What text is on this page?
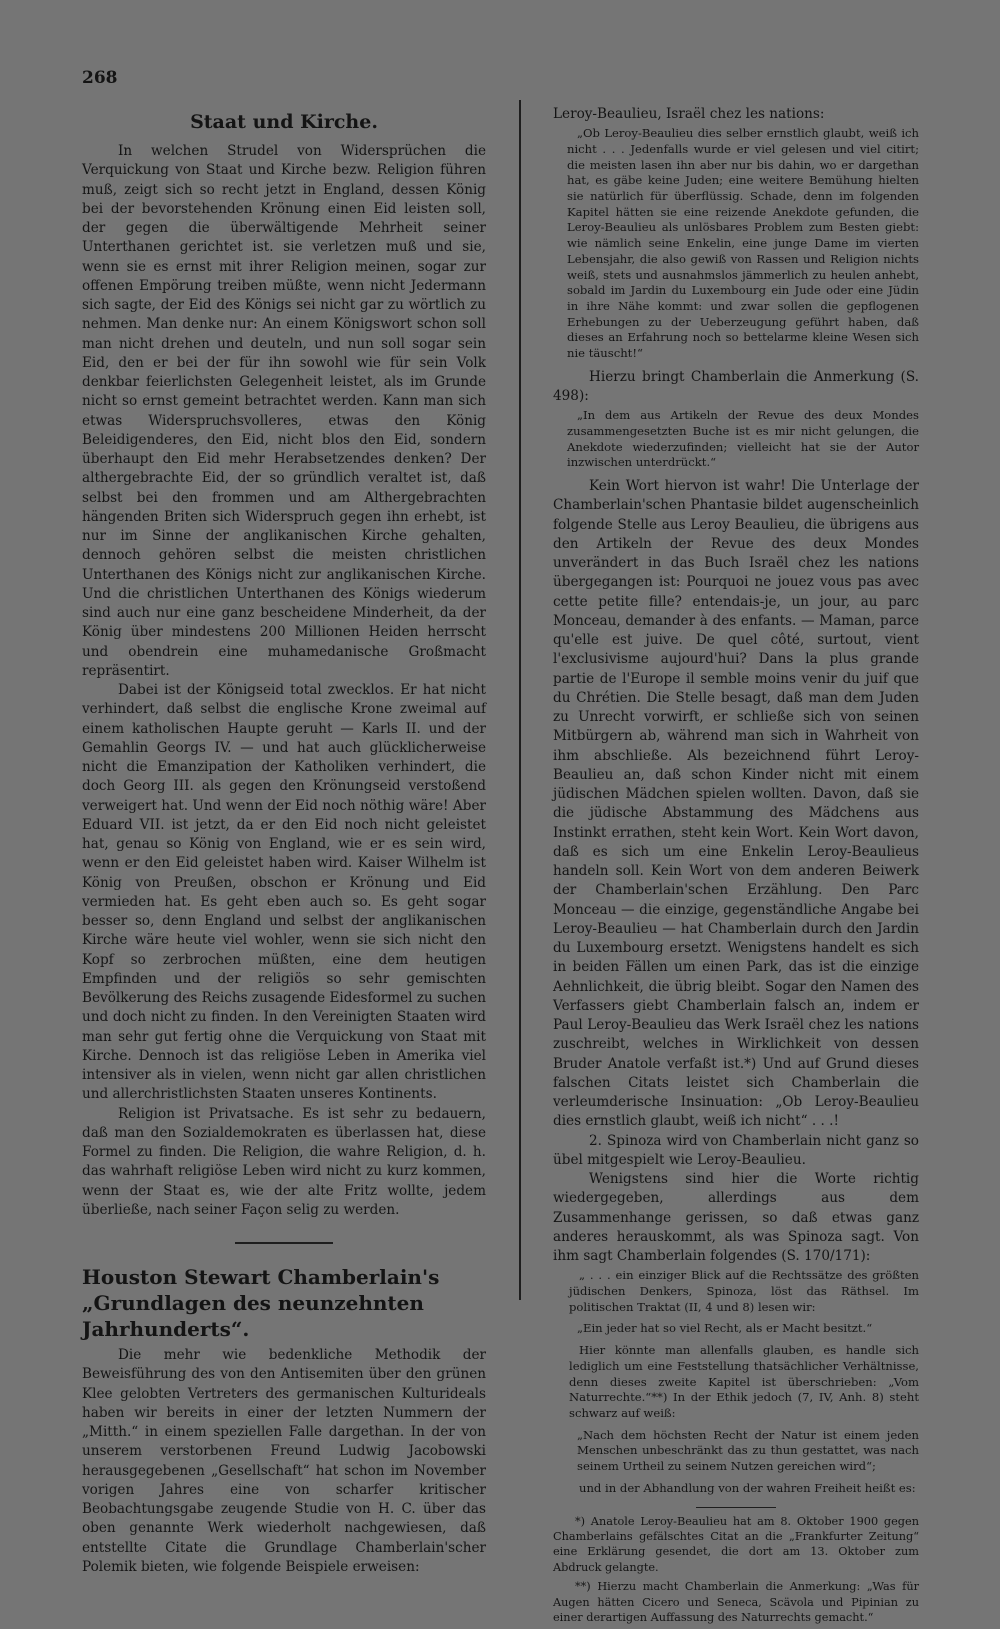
268
Staat und Kirche.

In welchen Strudel von Widersprüchen die Verquickung von Staat und Kirche bezw. Religion führen muß, zeigt sich so recht jetzt in England, dessen König bei der bevorstehenden Krönung einen Eid leisten soll, der gegen die überwältigende Mehrheit seiner Unterthanen gerichtet ist. sie verletzen muß und sie, wenn sie es ernst mit ihrer Religion meinen, sogar zur offenen Empörung treiben müßte, wenn nicht Jedermann sich sagte, der Eid des Königs sei nicht gar zu wörtlich zu nehmen. Man denke nur: An einem Königswort schon soll man nicht drehen und deuteln, und nun soll sogar sein Eid, den er bei der für ihn sowohl wie für sein Volk denkbar feierlichsten Gelegenheit leistet, als im Grunde nicht so ernst gemeint betrachtet werden. Kann man sich etwas Widerspruchsvolleres, etwas den König Beleidigenderes, den Eid, nicht blos den Eid, sondern überhaupt den Eid mehr Herabsetzendes denken? Der althergebrachte Eid, der so gründlich veraltet ist, daß selbst bei den frommen und am Althergebrachten hängenden Briten sich Widerspruch gegen ihn erhebt, ist nur im Sinne der anglikanischen Kirche gehalten, dennoch gehören selbst die meisten christlichen Unterthanen des Königs nicht zur anglikanischen Kirche. Und die christlichen Unterthanen des Königs wiederum sind auch nur eine ganz bescheidene Minderheit, da der König über mindestens 200 Millionen Heiden herrscht und obendrein eine muhamedanische Großmacht repräsentirt.

Dabei ist der Königseid total zwecklos. Er hat nicht verhindert, daß selbst die englische Krone zweimal auf einem katholischen Haupte geruht — Karls II. und der Gemahlin Georgs IV. — und hat auch glücklicherweise nicht die Emanzipation der Katholiken verhindert, die doch Georg III. als gegen den Krönungseid verstoßend verweigert hat. Und wenn der Eid noch nöthig wäre! Aber Eduard VII. ist jetzt, da er den Eid noch nicht geleistet hat, genau so König von England, wie er es sein wird, wenn er den Eid geleistet haben wird. Kaiser Wilhelm ist König von Preußen, obschon er Krönung und Eid vermieden hat. Es geht eben auch so. Es geht sogar besser so, denn England und selbst der anglikanischen Kirche wäre heute viel wohler, wenn sie sich nicht den Kopf so zerbrochen müßten, eine dem heutigen Empfinden und der religiös so sehr gemischten Bevölkerung des Reichs zusagende Eidesformel zu suchen und doch nicht zu finden. In den Vereinigten Staaten wird man sehr gut fertig ohne die Verquickung von Staat mit Kirche. Dennoch ist das religiöse Leben in Amerika viel intensiver als in vielen, wenn nicht gar allen christlichen und allerchristlichsten Staaten unseres Kontinents.

Religion ist Privatsache. Es ist sehr zu bedauern, daß man den Sozialdemokraten es überlassen hat, diese Formel zu finden. Die Religion, die wahre Religion, d. h. das wahrhaft religiöse Leben wird nicht zu kurz kommen, wenn der Staat es, wie der alte Fritz wollte, jedem überließe, nach seiner Façon selig zu werden.

Houston Stewart Chamberlain's „Grundlagen des neunzehnten Jahrhunderts“.

Die mehr wie bedenkliche Methodik der Beweisführung des von den Antisemiten über den grünen Klee gelobten Vertreters des germanischen Kulturideals haben wir bereits in einer der letzten Nummern der „Mitth.“ in einem speziellen Falle dargethan. In der von unserem verstorbenen Freund Ludwig Jacobowski herausgegebenen „Gesellschaft“ hat schon im November vorigen Jahres eine von scharfer kritischer Beobachtungsgabe zeugende Studie von H. C. über das oben genannte Werk wiederholt nachgewiesen, daß entstellte Citate die Grundlage Chamberlain'scher Polemik bieten, wie folgende Beispiele erweisen:

Leroy-Beaulieu, Israël chez les nations:

„Ob Leroy-Beaulieu dies selber ernstlich glaubt, weiß ich nicht . . . Jedenfalls wurde er viel gelesen und viel citirt; die meisten lasen ihn aber nur bis dahin, wo er dargethan hat, es gäbe keine Juden; eine weitere Bemühung hielten sie natürlich für überflüssig. Schade, denn im folgenden Kapitel hätten sie eine reizende Anekdote gefunden, die Leroy-Beaulieu als unlösbares Problem zum Besten giebt: wie nämlich seine Enkelin, eine junge Dame im vierten Lebensjahr, die also gewiß von Rassen und Religion nichts weiß, stets und ausnahmslos jämmerlich zu heulen anhebt, sobald im Jardin du Luxembourg ein Jude oder eine Jüdin in ihre Nähe kommt: und zwar sollen die gepflogenen Erhebungen zu der Ueberzeugung geführt haben, daß dieses an Erfahrung noch so bettelarme kleine Wesen sich nie täuscht!“

Hierzu bringt Chamberlain die Anmerkung (S. 498):

„In dem aus Artikeln der Revue des deux Mondes zusammengesetzten Buche ist es mir nicht gelungen, die Anekdote wiederzufinden; vielleicht hat sie der Autor inzwischen unterdrückt.“

Kein Wort hiervon ist wahr! Die Unterlage der Chamberlain'schen Phantasie bildet augenscheinlich folgende Stelle aus Leroy Beaulieu, die übrigens aus den Artikeln der Revue des deux Mondes unverändert in das Buch Israël chez les nations übergegangen ist: Pourquoi ne jouez vous pas avec cette petite fille? entendais-je, un jour, au parc Monceau, demander à des enfants. — Maman, parce qu'elle est juive. De quel côté, surtout, vient l'exclusivisme aujourd'hui? Dans la plus grande partie de l'Europe il semble moins venir du juif que du Chrétien. Die Stelle besagt, daß man dem Juden zu Unrecht vorwirft, er schließe sich von seinen Mitbürgern ab, während man sich in Wahrheit von ihm abschließe. Als bezeichnend führt Leroy-Beaulieu an, daß schon Kinder nicht mit einem jüdischen Mädchen spielen wollten. Davon, daß sie die jüdische Abstammung des Mädchens aus Instinkt errathen, steht kein Wort. Kein Wort davon, daß es sich um eine Enkelin Leroy-Beaulieus handeln soll. Kein Wort von dem anderen Beiwerk der Chamberlain'schen Erzählung. Den Parc Monceau — die einzige, gegenständliche Angabe bei Leroy-Beaulieu — hat Chamberlain durch den Jardin du Luxembourg ersetzt. Wenigstens handelt es sich in beiden Fällen um einen Park, das ist die einzige Aehnlichkeit, die übrig bleibt. Sogar den Namen des Verfassers giebt Chamberlain falsch an, indem er Paul Leroy-Beaulieu das Werk Israël chez les nations zuschreibt, welches in Wirklichkeit von dessen Bruder Anatole verfaßt ist.*) Und auf Grund dieses falschen Citats leistet sich Chamberlain die verleumderische Insinuation: „Ob Leroy-Beaulieu dies ernstlich glaubt, weiß ich nicht“ . . .!

2. Spinoza wird von Chamberlain nicht ganz so übel mitgespielt wie Leroy-Beaulieu.

Wenigstens sind hier die Worte richtig wiedergegeben, allerdings aus dem Zusammenhange gerissen, so daß etwas ganz anderes herauskommt, als was Spinoza sagt. Von ihm sagt Chamberlain folgendes (S. 170/171):

„ . . . ein einziger Blick auf die Rechtssätze des größten jüdischen Denkers, Spinoza, löst das Räthsel. Im politischen Traktat (II, 4 und 8) lesen wir:

„Ein jeder hat so viel Recht, als er Macht besitzt.“

Hier könnte man allenfalls glauben, es handle sich lediglich um eine Feststellung thatsächlicher Verhältnisse, denn dieses zweite Kapitel ist überschrieben: „Vom Naturrechte.“**) In der Ethik jedoch (7, IV, Anh. 8) steht schwarz auf weiß:

„Nach dem höchsten Recht der Natur ist einem jeden Menschen unbeschränkt das zu thun gestattet, was nach seinem Urtheil zu seinem Nutzen gereichen wird“;

und in der Abhandlung von der wahren Freiheit heißt es:

*) Anatole Leroy-Beaulieu hat am 8. Oktober 1900 gegen Chamberlains gefälschtes Citat an die „Frankfurter Zeitung“ eine Erklärung gesendet, die dort am 13. Oktober zum Abdruck gelangte.

**) Hierzu macht Chamberlain die Anmerkung: „Was für Augen hätten Cicero und Seneca, Scävola und Pipinian zu einer derartigen Auffassung des Naturrechts gemacht.“
